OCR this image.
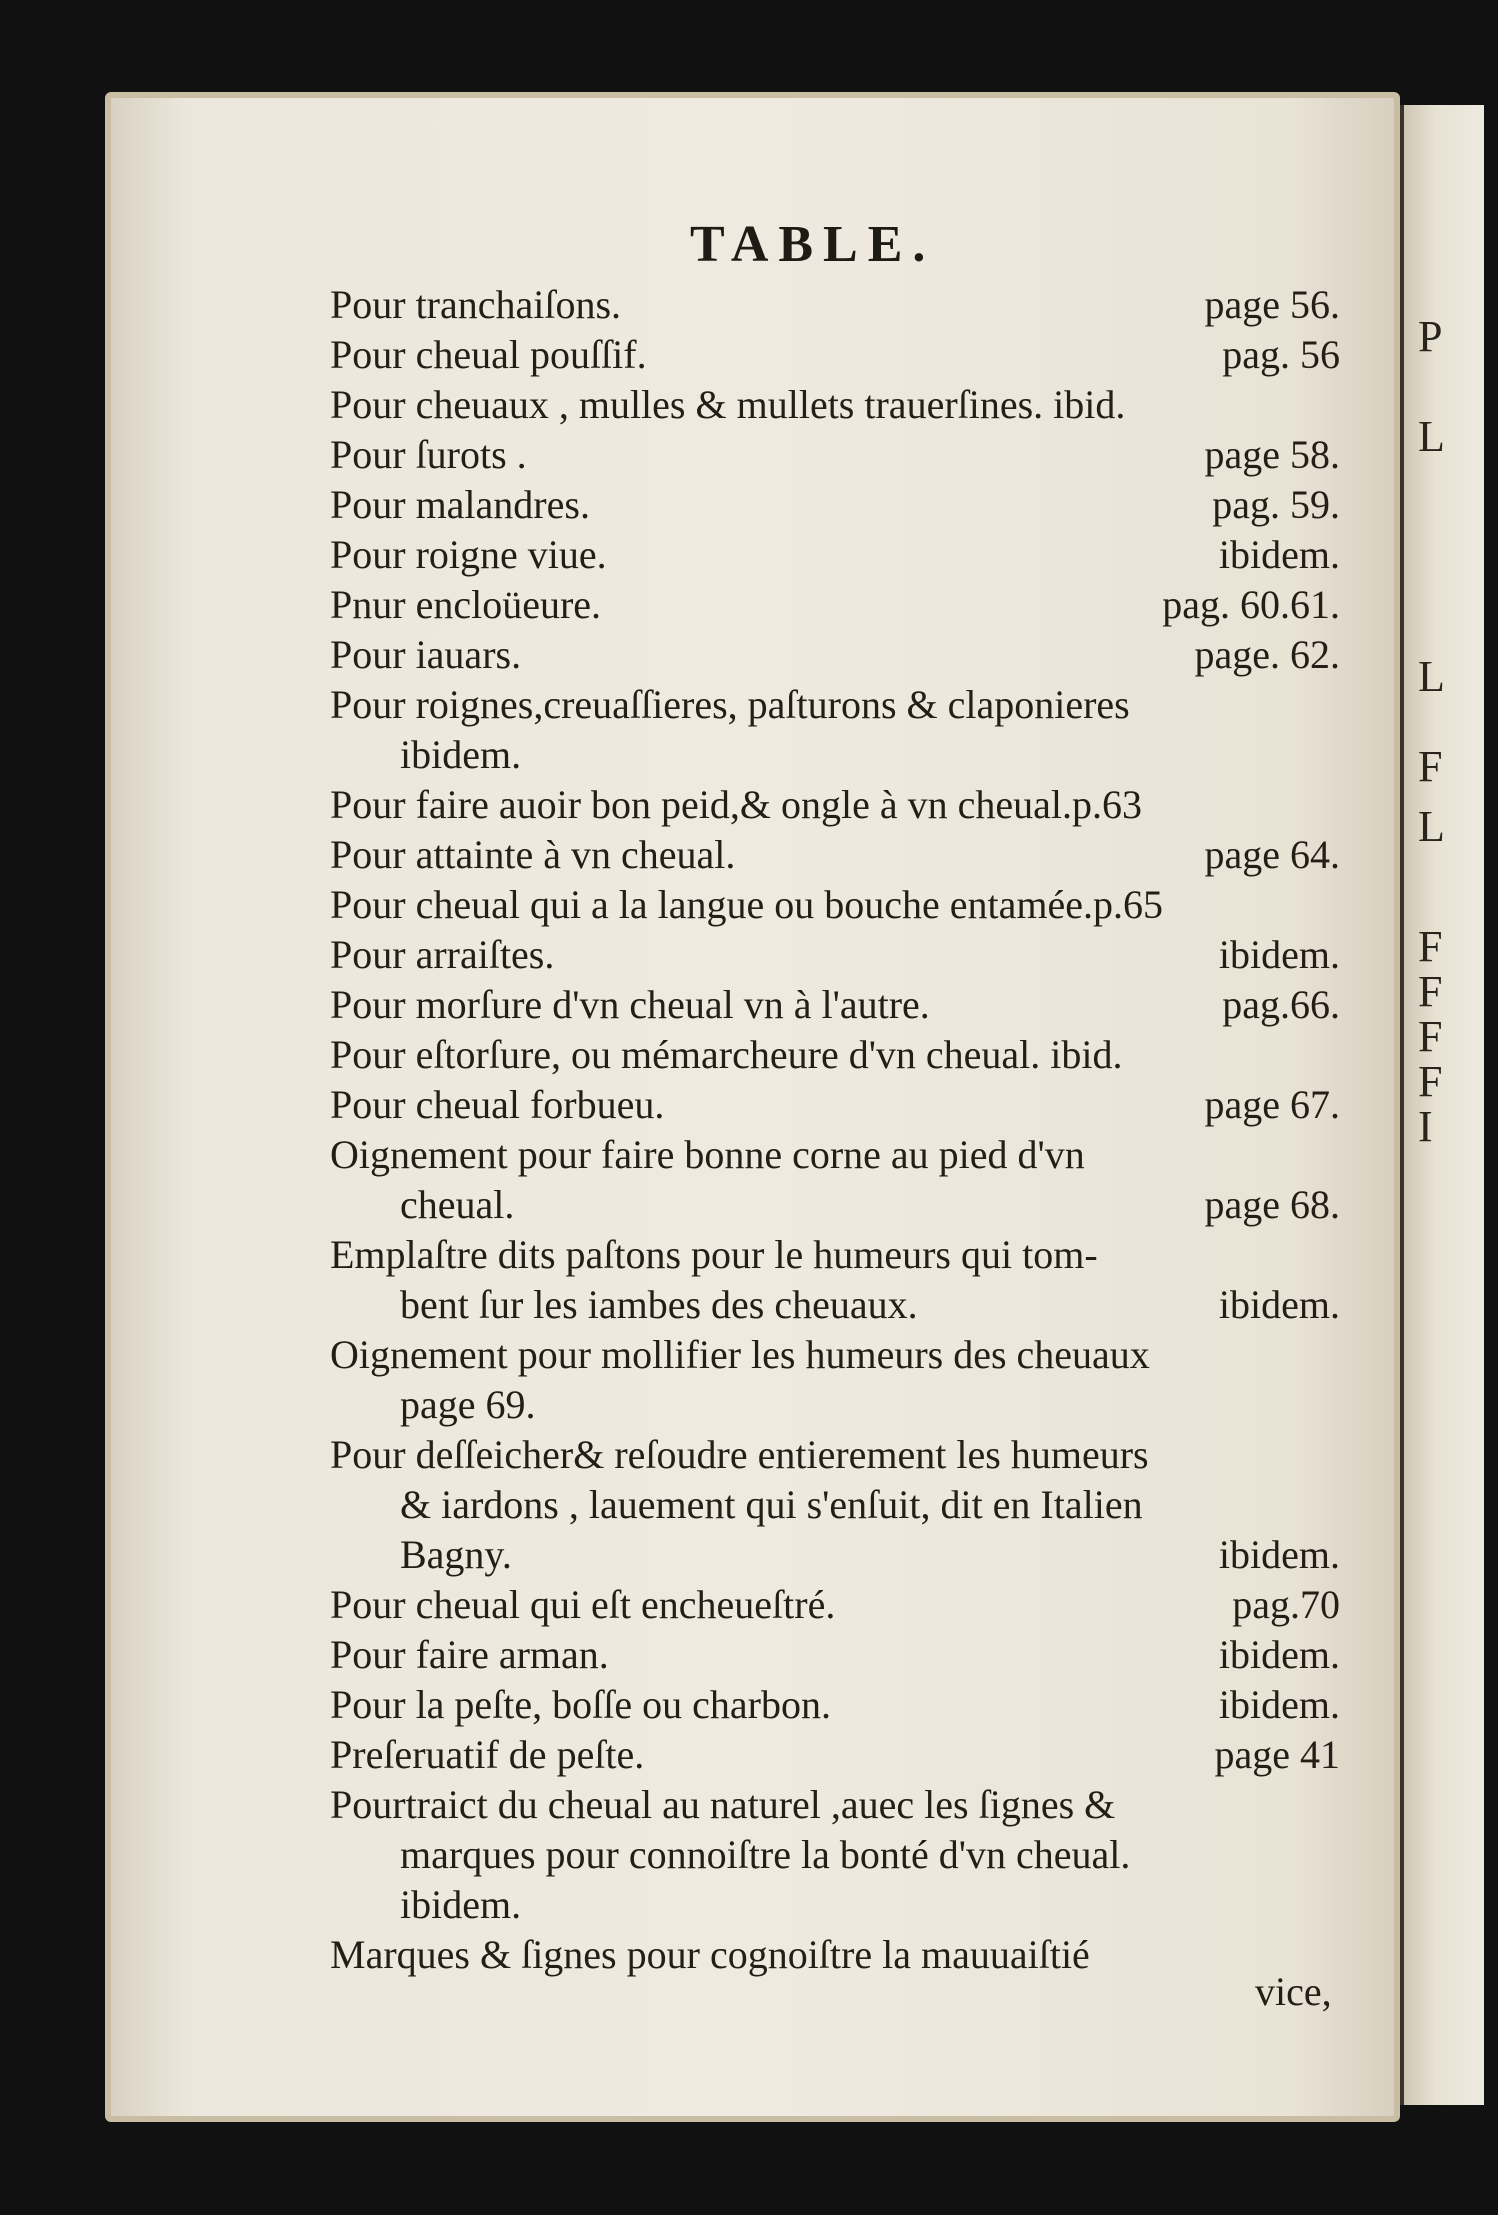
P
L
L
F
L
F
F
F
F
I
TABLE.
Pour tranchaiſons.	page 56.
Pour cheual pouſſif.	pag. 56
Pour cheuaux , mulles & mullets trauerſines. ibid.
Pour ſurots .	page 58.
Pour malandres.	pag. 59.
Pour roigne viue.	ibidem.
Pnur encloüeure.	pag. 60.61.
Pour iauars.	page. 62.
Pour roignes,creuaſſieres, paſturons & claponieres
ibidem.
Pour faire auoir bon peid,& ongle à vn cheual.p.63
Pour attainte à vn cheual.	page 64.
Pour cheual qui a la langue ou bouche entamée.p.65
Pour arraiſtes.	ibidem.
Pour morſure d'vn cheual vn à l'autre.	pag.66.
Pour eſtorſure, ou mémarcheure d'vn cheual. ibid.
Pour cheual forbueu.	page 67.
Oignement pour faire bonne corne au pied d'vn
cheual.	page 68.
Emplaſtre dits paſtons pour le humeurs qui tom-
bent ſur les iambes des cheuaux.	ibidem.
Oignement pour mollifier les humeurs des cheuaux
page 69.
Pour deſſeicher& reſoudre entierement les humeurs
& iardons , lauement qui s'enſuit, dit en Italien
Bagny.	ibidem.
Pour cheual qui eſt encheueſtré.	pag.70
Pour faire arman.	ibidem.
Pour la peſte, boſſe ou charbon.	ibidem.
Preſeruatif de peſte.	page 41
Pourtraict du cheual au naturel ,auec les ſignes &
marques pour connoiſtre la bonté d'vn cheual.
ibidem.
Marques & ſignes pour cognoiſtre la mauuaiſtié
vice,
